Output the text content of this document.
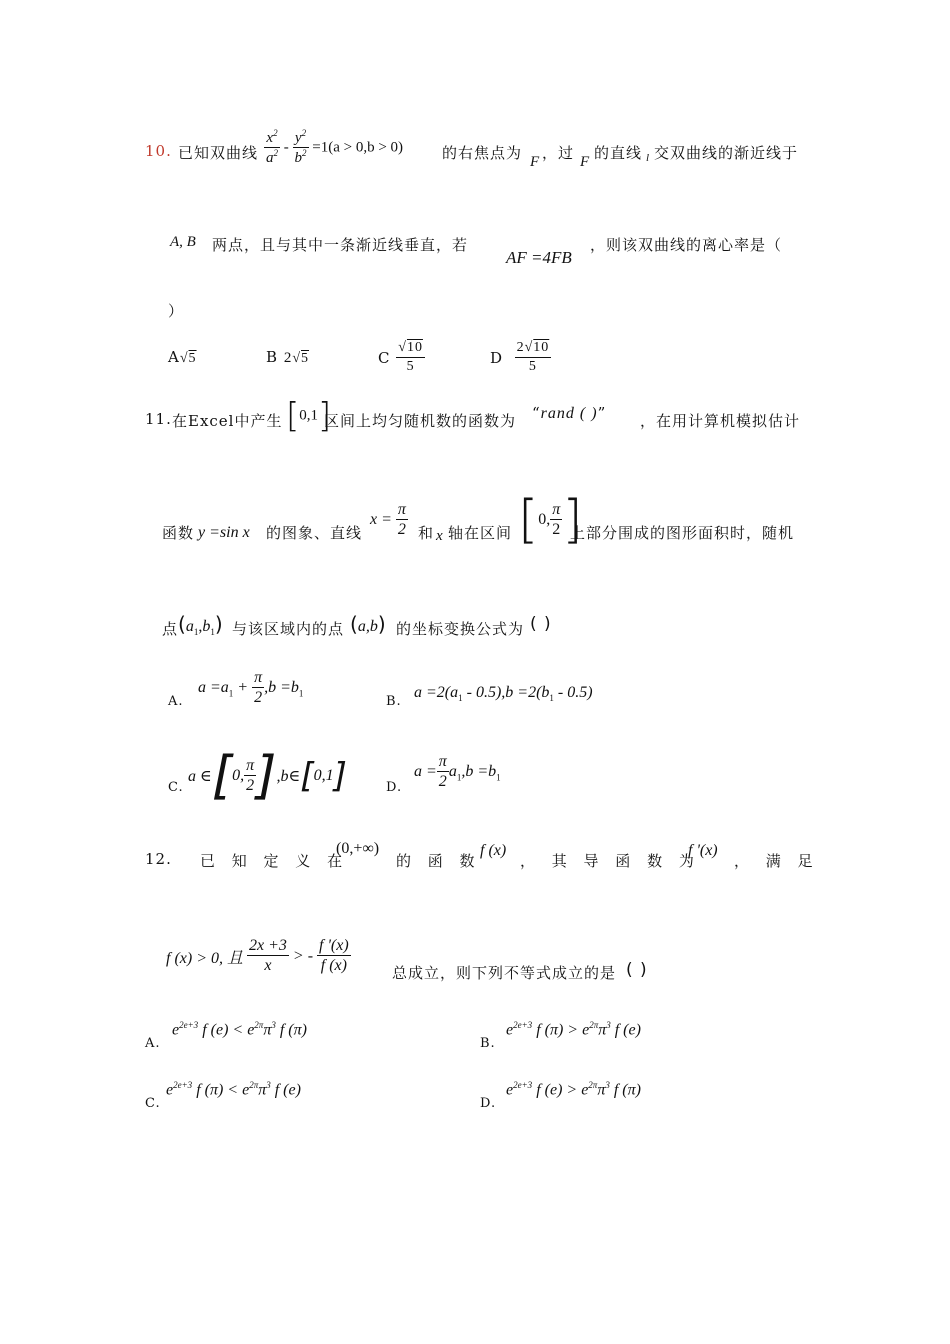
10. 已知双曲线 $\frac{x^2}{a^2} - \frac{y^2}{b^2} =1(a > 0,b > 0)$	的右焦点为 F ，过 F 的直线 l 交双曲线的渐近线于
A, B 两点，且与其中一条渐近线垂直，若
AF =4FB
，则该双曲线的离心率是（
）
A√5	B 2√5	C $\frac{√10}{5}$	D $\frac{2√10}{5}$
11. 在Excel中产生 [0,1]
区间上均匀随机数的函数为 “rand ( )” ，在用计算机模拟估计
函数 y =sin x 的图象、直线
$x = \frac{\pi}{2}$ 和 x 轴在区间 [0, $\frac{\pi}{2}$ ]
上部分围成的图形面积时，随机
点 $(a_1,b_1)$ 与该区域内的点 (a,b) 的坐标变换公式为 ( )
A.
$a =a_1 + \frac{\pi}{2} ,b =b_1$
B.
$a =2(a_1 - 0.5),b =2(b_1 - 0.5)$
C.
a ∈[0, $\frac{\pi}{2}$ ],b∈[0,1]	D.
$a = \frac{\pi}{2} a_1,b =b_1$
12. 已 知 定 义 在
(0,+∞)
的 函 数
f (x)
， 其 导 函 数 为
f '(x)
， 满 足
f (x) > 0, 且 $\frac{2x +3}{x}$ > - $\frac{f '(x)}{f (x)}$	总成立，则下列不等式成立的是 ( )
A.
$e^{2e+3}$ f $(e) < e^{2\pi}\pi^3$ f (π)
B.
$e^{2e+3}$ f $(\pi) > e^{2\pi}\pi^3$ f (e)
C.
$e^{2e+3}$ f $(\pi) < e^{2\pi}\pi^3$ f (e)
D.
$e^{2e+3}$ f $(e) > e^{2\pi}\pi^3$ f (π)
